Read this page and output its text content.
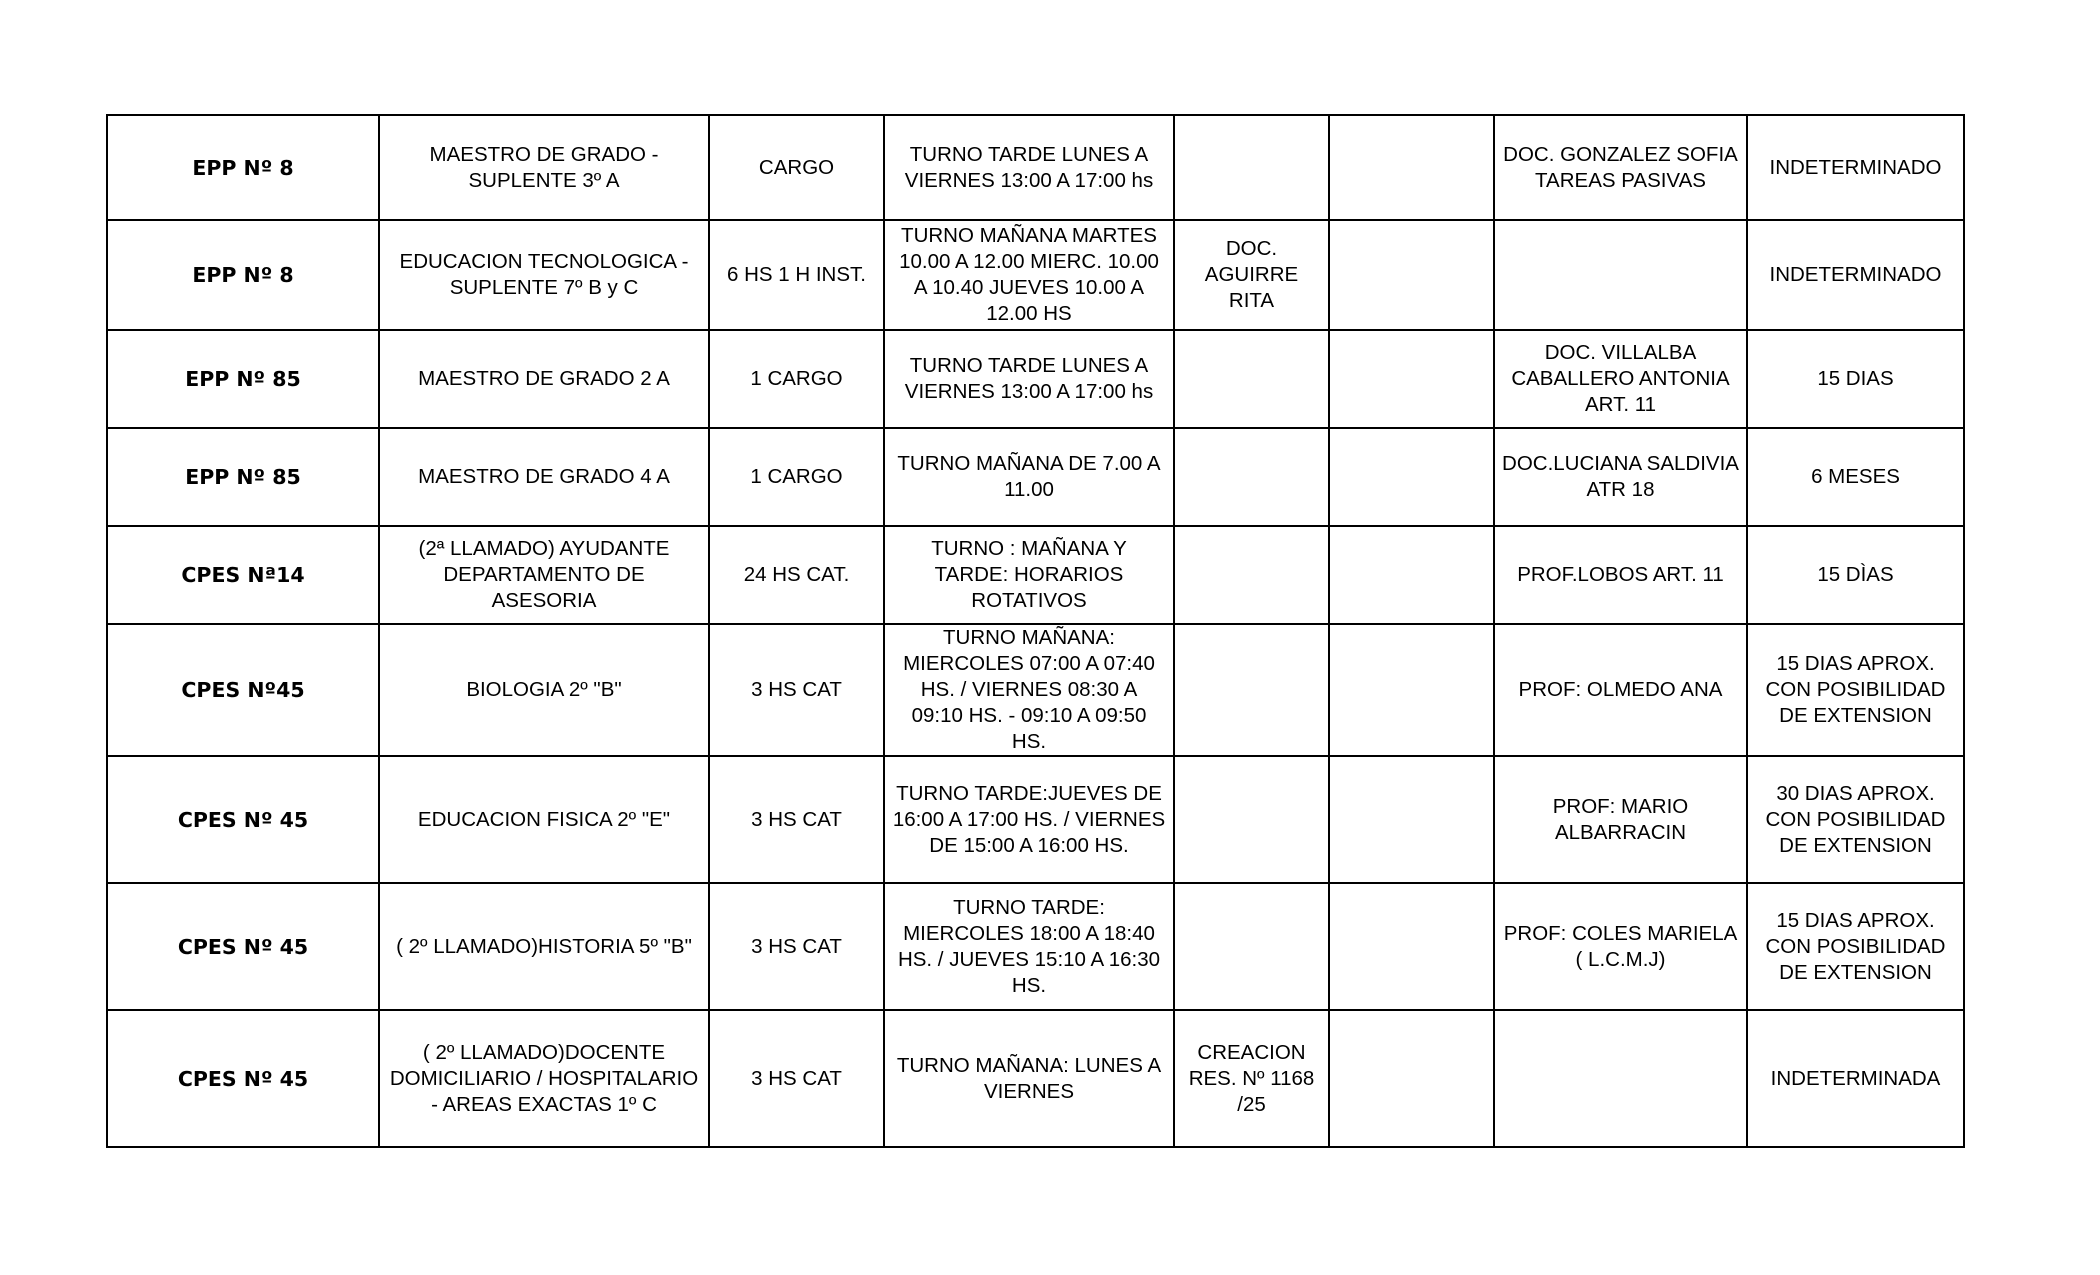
EPP Nº 8	MAESTRO DE GRADO -
SUPLENTE 3º A	CARGO	TURNO TARDE LUNES A
VIERNES 13:00 A 17:00 hs			DOC. GONZALEZ SOFIA
TAREAS PASIVAS	INDETERMINADO
EPP Nº 8	EDUCACION TECNOLOGICA -
SUPLENTE 7º B y C	6 HS 1 H INST.	TURNO MAÑANA MARTES
10.00 A 12.00 MIERC. 10.00
A 10.40 JUEVES 10.00 A
12.00 HS	DOC.
AGUIRRE
RITA			INDETERMINADO
EPP Nº 85	MAESTRO DE GRADO 2 A	1 CARGO	TURNO TARDE LUNES A
VIERNES 13:00 A 17:00 hs			DOC. VILLALBA
CABALLERO ANTONIA
ART. 11	15 DIAS
EPP Nº 85	MAESTRO DE GRADO 4 A	1 CARGO	TURNO MAÑANA DE 7.00 A
11.00			DOC.LUCIANA SALDIVIA
ATR 18	6 MESES
CPES Nª14	(2ª LLAMADO) AYUDANTE
DEPARTAMENTO DE
ASESORIA	24 HS CAT.	TURNO : MAÑANA Y
TARDE: HORARIOS
ROTATIVOS			PROF.LOBOS ART. 11	15 DÌAS
CPES Nº45	BIOLOGIA 2º "B"	3 HS CAT	TURNO MAÑANA:
MIERCOLES 07:00 A 07:40
HS. / VIERNES 08:30 A
09:10 HS. - 09:10 A 09:50
HS.			PROF: OLMEDO ANA	15 DIAS APROX.
CON POSIBILIDAD
DE EXTENSION
CPES Nº 45	EDUCACION FISICA 2º "E"	3 HS CAT	TURNO TARDE:JUEVES DE
16:00 A 17:00 HS. / VIERNES
DE 15:00 A 16:00 HS.			PROF: MARIO
ALBARRACIN	30 DIAS APROX.
CON POSIBILIDAD
DE EXTENSION
CPES Nº 45	( 2º LLAMADO)HISTORIA 5º "B"	3 HS CAT	TURNO TARDE:
MIERCOLES 18:00 A 18:40
HS. / JUEVES 15:10 A 16:30
HS.			PROF: COLES MARIELA
( L.C.M.J)	15 DIAS APROX.
CON POSIBILIDAD
DE EXTENSION
CPES Nº 45	( 2º LLAMADO)DOCENTE
DOMICILIARIO / HOSPITALARIO
- AREAS EXACTAS 1º C	3 HS CAT	TURNO MAÑANA: LUNES A
VIERNES	CREACION
RES. Nº 1168
/25			INDETERMINADA
